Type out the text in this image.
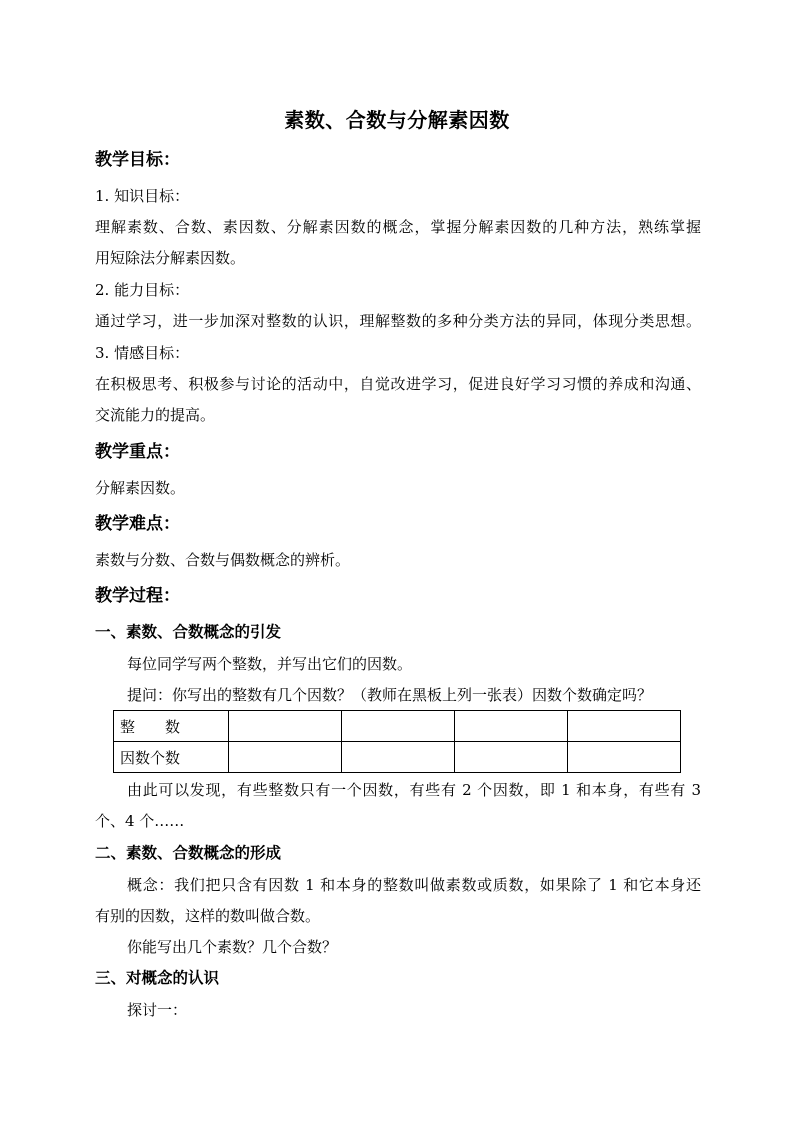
素数、合数与分解素因数
教学目标：
1. 知识目标：
理解素数、合数、素因数、分解素因数的概念，掌握分解素因数的几种方法，熟练掌握
用短除法分解素因数。
2. 能力目标：
通过学习，进一步加深对整数的认识，理解整数的多种分类方法的异同，体现分类思想。
3. 情感目标：
在积极思考、积极参与讨论的活动中，自觉改进学习，促进良好学习习惯的养成和沟通、
交流能力的提高。
教学重点：
分解素因数。
教学难点：
素数与分数、合数与偶数概念的辨析。
教学过程：
一、素数、合数概念的引发
每位同学写两个整数，并写出它们的因数。
提问：你写出的整数有几个因数？（教师在黑板上列一张表）因数个数确定吗？
整　　数				
因数个数				
由此可以发现，有些整数只有一个因数，有些有 2 个因数，即 1 和本身，有些有 3
个、4 个……
二、素数、合数概念的形成
概念：我们把只含有因数 1 和本身的整数叫做素数或质数，如果除了 1 和它本身还
有别的因数，这样的数叫做合数。
你能写出几个素数？几个合数？
三、对概念的认识
探讨一：
